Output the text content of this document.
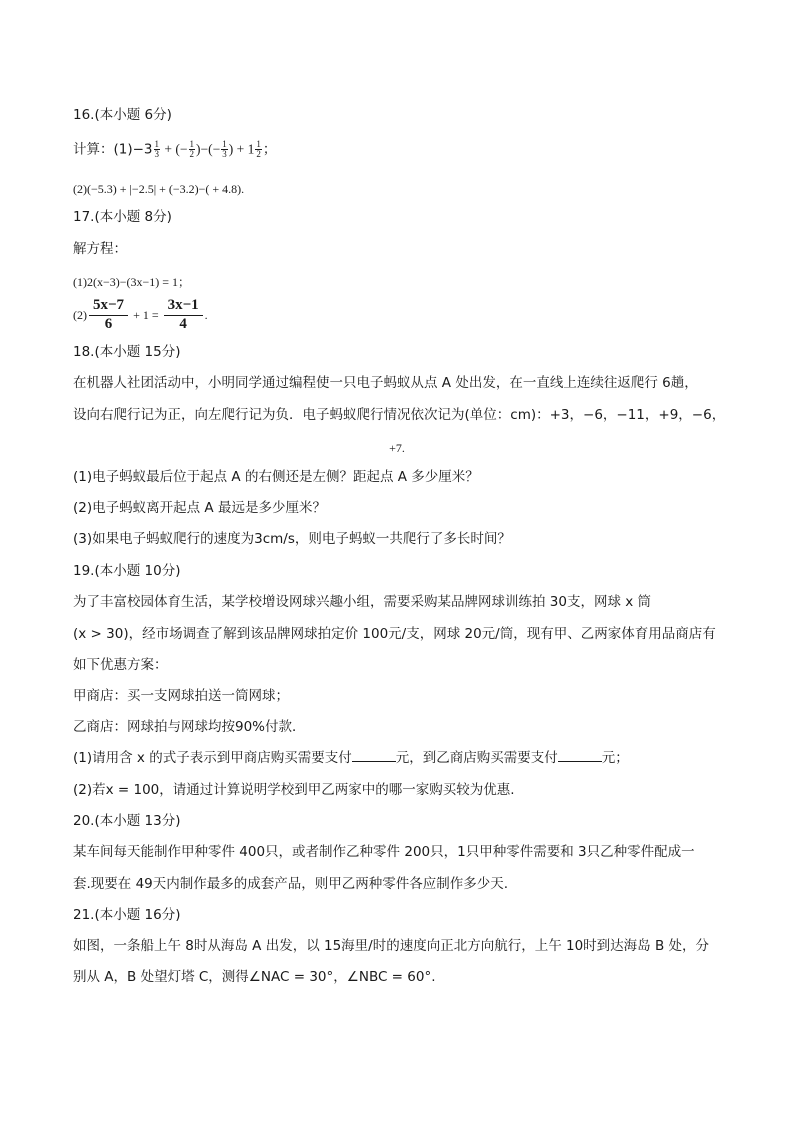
16.(本小题 6分)
计算：$(1)-3 \frac{1}{3}$ + (− $\frac{1}{2}$ )−(− $\frac{1}{3}$ ) + $1 \frac{1}{2}$ ；
(2)(−5.3) + |−2.5| + (−3.2)−( + 4.8).
17.(本小题 8分)
解方程：
(1)2(x−3)−(3x−1) = 1；
$(2) \frac{5x-7}{6} + 1 = \frac{3x-1}{4}$ .
18.(本小题 15分)
在机器人社团活动中，小明同学通过编程使一只电子蚂蚁从点 A 处出发，在一直线上连续往返爬行 6趟，
设向右爬行记为正，向左爬行记为负．电子蚂蚁爬行情况依次记为(单位：cm)：+3，−6，−11，+9，−6，
+7.
(1)电子蚂蚁最后位于起点 A 的右侧还是左侧？距起点 A 多少厘米？
(2)电子蚂蚁离开起点 A 最远是多少厘米？
(3)如果电子蚂蚁爬行的速度为3cm/s，则电子蚂蚁一共爬行了多长时间？
19.(本小题 10分)
为了丰富校园体育生活，某学校增设网球兴趣小组，需要采购某品牌网球训练拍 30支，网球 x 筒
(x > 30)，经市场调查了解到该品牌网球拍定价 100元/支，网球 20元/筒，现有甲、乙两家体育用品商店有
如下优惠方案：
甲商店：买一支网球拍送一筒网球；
乙商店：网球拍与网球均按90%付款．
(1)请用含 x 的式子表示到甲商店购买需要支付	元，到乙商店购买需要支付	元；
(2)若x = 100，请通过计算说明学校到甲乙两家中的哪一家购买较为优惠.
20.(本小题 13分)
某车间每天能制作甲种零件 400只，或者制作乙种零件 200只，1只甲种零件需要和 3只乙种零件配成一
套.现要在 49天内制作最多的成套产品，则甲乙两种零件各应制作多少天.
21.(本小题 16分)
如图，一条船上午 8时从海岛 A 出发，以 15海里/时的速度向正北方向航行，上午 10时到达海岛 B 处，分
别从 A，B 处望灯塔 C，测得∠NAC = 30°，∠NBC = 60°.
